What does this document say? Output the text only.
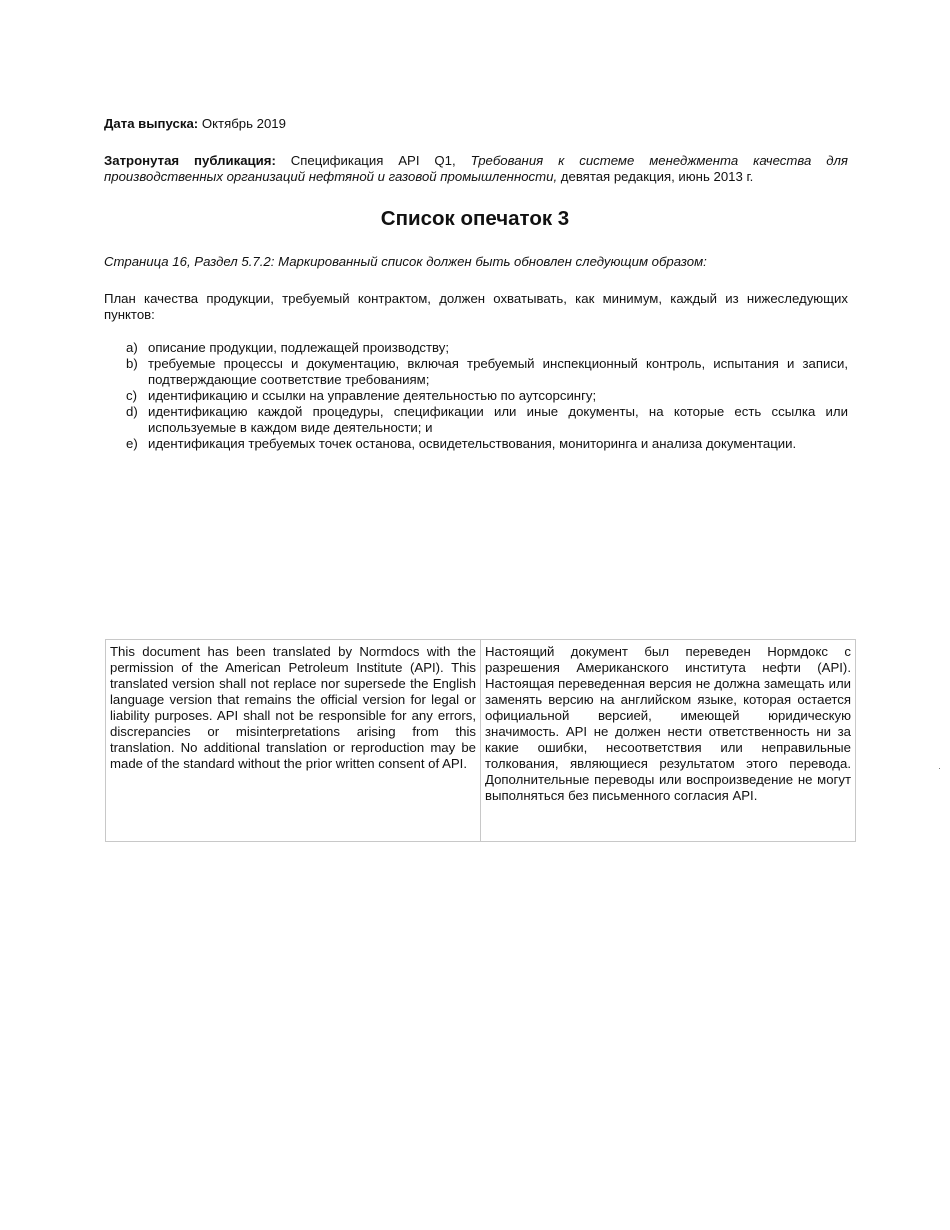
Дата выпуска: Октябрь 2019
Затронутая публикация: Спецификация API Q1, Требования к системе менеджмента качества для производственных организаций нефтяной и газовой промышленности, девятая редакция, июнь 2013 г.
Список опечаток 3
Страница 16, Раздел 5.7.2: Маркированный список должен быть обновлен следующим образом:
План качества продукции, требуемый контрактом, должен охватывать, как минимум, каждый из нижеследующих пунктов:
a) описание продукции, подлежащей производству;
b) требуемые процессы и документацию, включая требуемый инспекционный контроль, испытания и записи, подтверждающие соответствие требованиям;
c) идентификацию и ссылки на управление деятельностью по аутсорсингу;
d) идентификацию каждой процедуры, спецификации или иные документы, на которые есть ссылка или используемые в каждом виде деятельности; и
e) идентификация требуемых точек останова, освидетельствования, мониторинга и анализа документации.
This document has been translated by Normdocs with the permission of the American Petroleum Institute (API). This translated version shall not replace nor supersede the English language version that remains the official version for legal or liability purposes. API shall not be responsible for any errors, discrepancies or misinterpretations arising from this translation. No additional translation or reproduction may be made of the standard without the prior written consent of API.	Настоящий документ был переведен Нормдокс с разрешения Американского института нефти (API). Настоящая переведенная версия не должна замещать или заменять версию на английском языке, которая остается официальной версией, имеющей юридическую значимость. API не должен нести ответственность ни за какие ошибки, несоответствия или неправильные толкования, являющиеся результатом этого перевода. Дополнительные переводы или воспроизведение не могут выполняться без письменного согласия API.
